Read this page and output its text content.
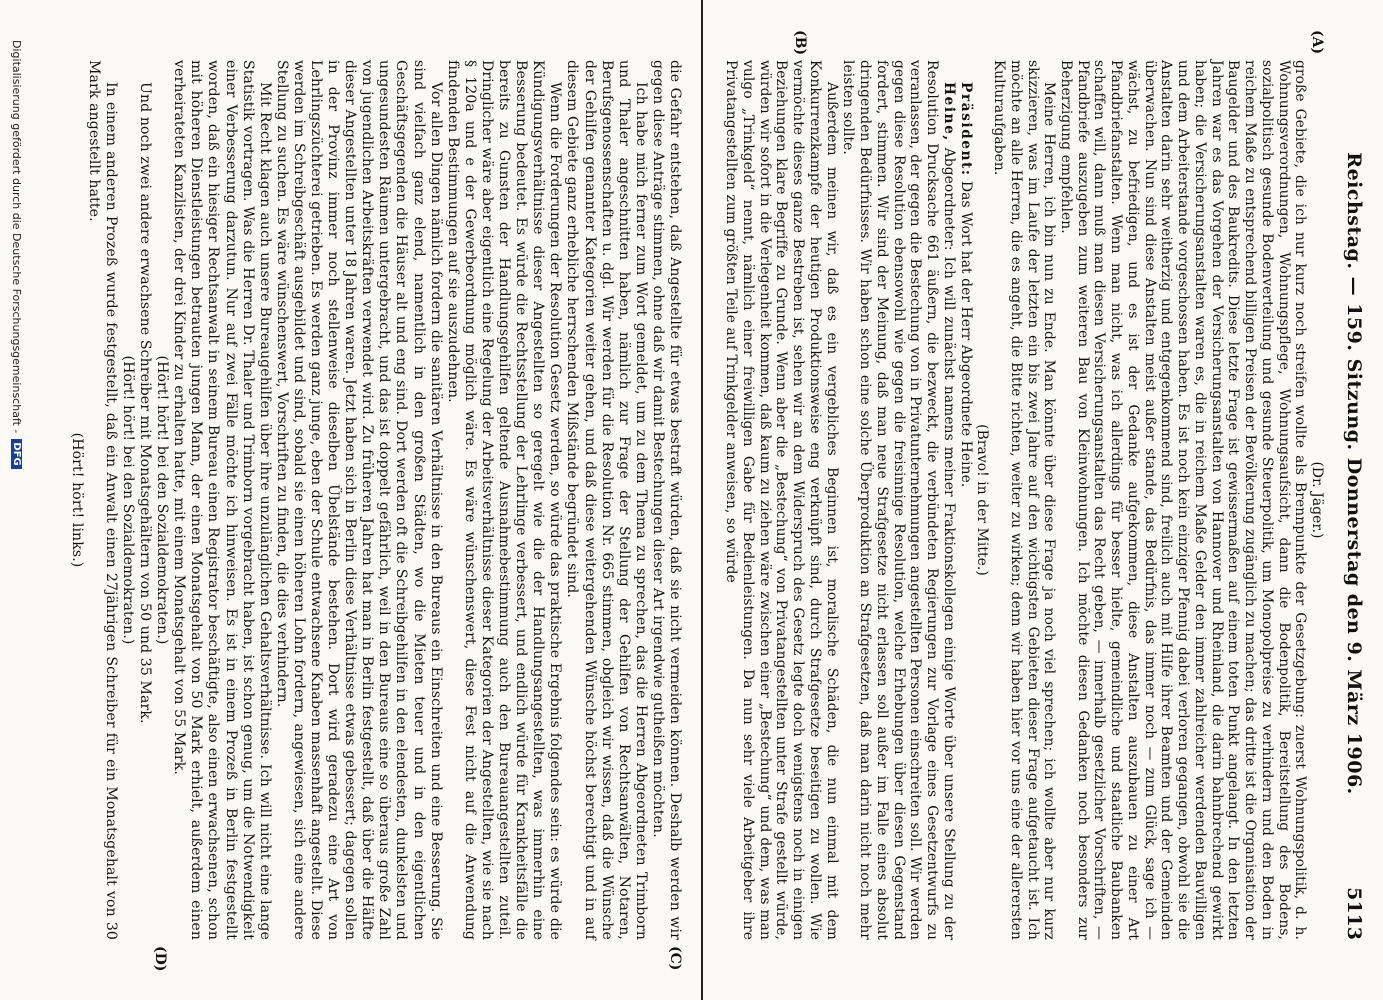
Reichstag. — 159. Sitzung. Donnerstag den 9. März 1906.
5113
(A)
(B)
(C)
(D)

(Dr. Jäger.)

große Gebiete, die ich nur kurz noch streifen wollte als Brennpunkte der Gesetzgebung: zuerst Wohnungspolitik, d. h. Wohnungsverordnungen, Wohnungspflege, Wohnungsaufsicht, dann die Bodenpolitik, Bereitstellung des Bodens, sozialpolitisch gesunde Bodenverteilung und gesunde Steuerpolitik, um Monopolpreise zu verhindern und den Boden in reichem Maße zu entsprechend billigen Preisen der Bevölkerung zugänglich zu machen; das dritte ist die Organisation der Baugelder und des Baukredits. Diese letzte Frage ist gewissermaßen auf einem toten Punkt angelangt. In den letzten Jahren war es das Vorgehen der Versicherungsanstalten von Hannover und Rheinland, die darin bahnbrechend gewirkt haben; die Versicherungsanstalten waren es, die in reichem Maße Gelder den immer zahlreicher werdenden Bauvilligen und dem Arbeiterstande vorgeschossen haben. Es ist noch kein einziger Pfennig dabei verloren gegangen, obwohl sie die Anstalten darin sehr weitherzig und entgegenkommend sind, freilich auch mit Hilfe ihrer Beamten und der Gemeinden überwachen. Nun sind diese Anstalten meist außer stande, das Bedürfnis, das immer noch — zum Glück, sage ich — wächst, zu befriedigen, und es ist der Gedanke aufgekommen, diese Anstalten auszubauen zu einer Art Pfandbriefanstalten. Wenn man nicht, was ich allerdings für besser hielte, gemeindliche und staatliche Baubanken schaffen will, dann muß man diesen Versicherungsanstalten das Recht geben, — innerhalb gesetzlicher Vorschriften, — Pfandbriefe auszugeben zum weiteren Bau von Kleinwohnungen. Ich möchte diesen Gedanken noch besonders zur Beherzigung empfehlen.

Meine Herren, ich bin nun zu Ende. Man könnte über diese Frage ja noch viel sprechen; ich wollte aber nur kurz skizzieren, was im Laufe der letzten ein bis zwei Jahre auf den wichtigsten Gebieten dieser Frage aufgetaucht ist. Ich möchte an alle Herren, die es angeht, die Bitte richten, weiter zu wirken; denn wir haben hier vor uns eine der allerersten Kulturaufgaben.

(Bravo! in der Mitte.)

Präsident: Das Wort hat der Herr Abgeordnete Heine.

Heine, Abgeordneter: Ich will zunächst namens meiner Fraktionskollegen einige Worte über unsere Stellung zu der Resolution Drucksache 661 äußern, die bezweckt, die verbündeten Regierungen zur Vorlage eines Gesetzentwurfs zu veranlassen, der gegen die Bestechung von in Privatunternehmungen angestellten Personen einschreiten soll. Wir werden gegen diese Resolution ebensowohl wie gegen die freisinnige Resolution, welche Erhebungen über diesen Gegenstand fordert, stimmen. Wir sind der Meinung, daß man neue Strafgesetze nicht erlassen soll außer im Falle eines absolut dringenden Bedürfnisses. Wir haben schon eine solche Überproduktion an Strafgesetzen, daß man darin nicht noch mehr leisten sollte.

Außerdem meinen wir, daß es ein vergebliches Beginnen ist, moralische Schäden, die nun einmal mit dem Konkurrenzkampfe der heutigen Produktionsweise eng verknüpft sind, durch Strafgesetze beseitigen zu wollen. Wie vermöchte dieses ganze Bestreben ist, sehen wir an dem Widerspruch des Gesetz legte doch wenigstens noch in einigen Beziehungen klare Begriffe zu Grunde. Wenn aber die „Bestechung“ von Privatangestellten unter Strafe gestellt würde, würden wir sofort in die Verlegenheit kommen, daß kaum zu ziehen wäre zwischen einer „Bestechung“ und dem, was man vulgo „Trinkgeld“ nennt, nämlich einer freiwilligen Gabe für Bedienleistungen. Da nun sehr viele Arbeitgeber ihre Privatangestellten zum größten Teile auf Trinkgelder anweisen, so würde

die Gefahr entstehen, daß Angestellte für etwas bestraft würden, daß sie nicht vermeiden können. Deshalb werden wir gegen diese Anträge stimmen, ohne daß wir damit Bestechungen dieser Art irgendwie gutheißen möchten.

Ich habe mich ferner zum Wort gemeldet, um zu dem Thema zu sprechen, das die Herren Abgeordneten Trimborn und Thaler angeschnitten haben, nämlich zur Frage der Stellung der Gehilfen von Rechtsanwälten, Notaren, Berufsgenossenschaften u. dgl. Wir werden für die Resolution Nr. 665 stimmen, obgleich wir wissen, daß die Wünsche der Gehilfen genannter Kategorien weiter gehen, und daß diese weitergehenden Wünsche höchst berechtigt und in auf diesem Gebiete ganz erhebliche herrschenden Mißstände begründet sind.

Wenn die Forderungen der Resolution Gesetz werden, so würde das praktische Ergebnis folgendes sein: es würde die Kündigungsverhältnisse dieser Angestellten so geregelt wie die der Handlungsangestellten, was immerhin eine Besserung bedeutet. Es würde die Rechtsstellung der Lehrlinge verbessert, und endlich würde für Krankheitsfälle die bereits zu Gunsten der Handlungsgehilfen geltende Ausnahmebestimmung auch den Bureauangestellten zuteil. Dringlicher wäre aber eigentlich eine Regelung der Arbeitsverhältnisse dieser Kategorien der Angestellten, wie sie nach § 120a und e der Gewerbeordnung möglich wäre. Es wäre wünschenswert, diese Fest nicht auf die Anwendung findenden Bestimmungen auf sie auszudehnen.

Vor allen Dingen nämlich fordern die sanitären Verhältnisse in den Bureaus ein Einschreiten und eine Besserung. Sie sind vielfach ganz elend, namentlich in den großen Städten, wo die Mieten teuer und in den eigentlichen Geschäftsgegenden die Häuser alt und eng sind. Dort werden oft die Schreibgehilfen in den elendesten, dunkelsten und ungesundesten Räumen untergebracht, und das ist doppelt gefährlich, weil in den Bureaus eine so überaus große Zahl von jugendlichen Arbeitskräften verwendet wird. Zu früheren Jahren hat man in Berlin festgestellt, daß über die Hälfte dieser Angestellten unter 18 Jahren waren. Jetzt haben sich in Berlin diese Verhältnisse etwas gebessert; dagegen sollen in der Provinz immer noch stellenweise dieselben Übelstände bestehen. Dort wird geradezu eine Art von Lehrlingszüchterei getrieben. Es werden ganz junge, eben der Schule entwachsene Knaben massenhaft angestellt. Diese werden im Schreibgeschäft ausgebildet und sind, sobald sie einen höheren Lohn fordern, angewiesen, sich eine andere Stellung zu suchen. Es wäre wünschenswert, Vorschriften zu finden, die dies verhindern.

Mit Recht klagen auch unsere Bureaugehilfen über ihre unzulänglichen Gehaltsverhältnisse. Ich will nicht eine lange Statistik vortragen. Was die Herren Dr. Thaler und Trimborn vorgebracht haben, ist schon genug, um die Notwendigkeit einer Verbesserung darzutun. Nur auf zwei Fälle möchte ich hinweisen. Es ist in einem Prozeß in Berlin festgestellt worden, daß ein hiesiger Rechtsanwalt in seinem Bureau einen Registrator beschäftigte, also einen erwachsenen, schon mit höheren Dienstleistungen betrauten jungen Mann, der einen Monatsgehalt von 50 Mark erhielt, außerdem einen verheirateten Kanzlisten, der drei Kinder zu erhalten hatte, mit einem Monatsgehalt von 55 Mark.

(Hört! hört! bei den Sozialdemokraten.)

Und noch zwei andere erwachsene Schreiber mit Monatsgehältern von 50 und 35 Mark.

(Hört! hört! bei den Sozialdemokraten.)

In einem anderen Prozeß wurde festgestellt, daß ein Anwalt einen 27jährigen Schreiber für ein Monatsgehalt von 30 Mark angestellt hatte.

(Hört! hört! links.)

Digitalisierung gefördert durch die Deutsche Forschungsgemeinschaft -
DFG
